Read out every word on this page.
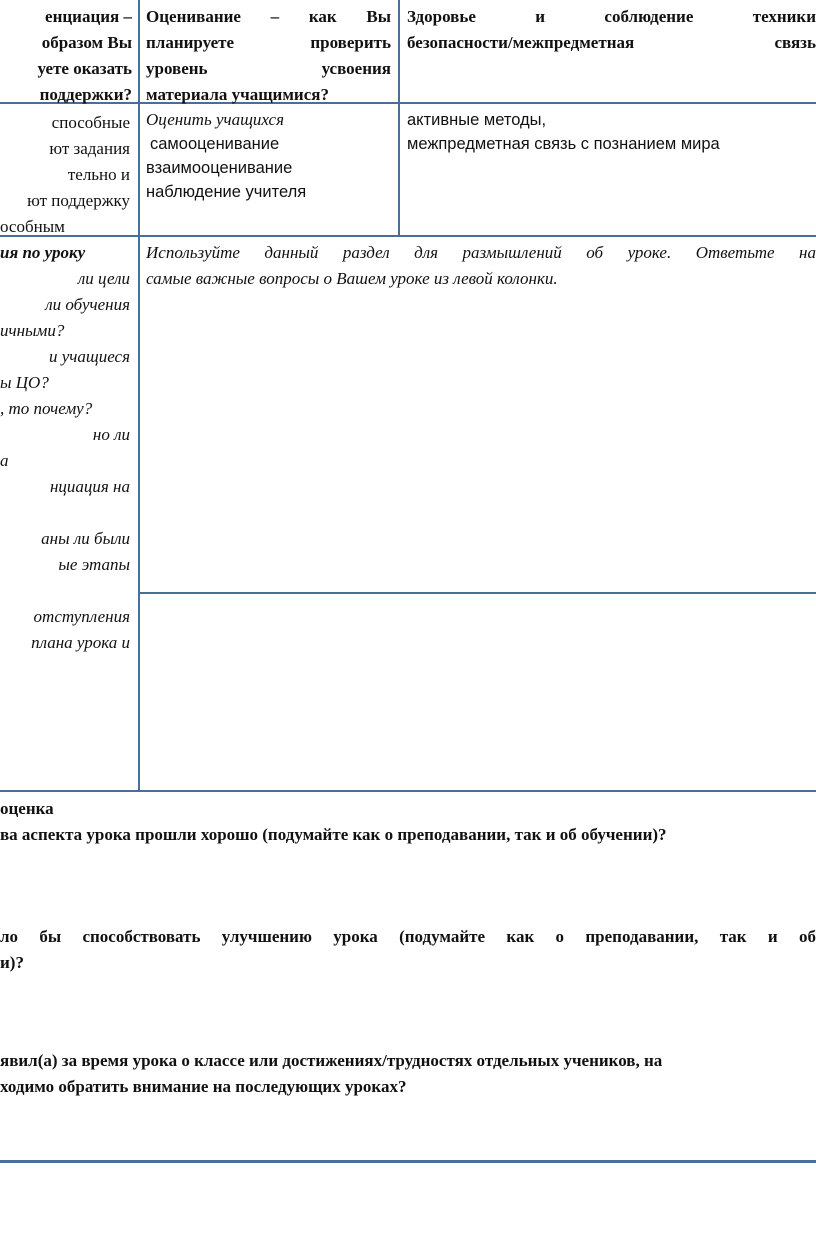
енциация –
образом Вы
уете оказать
поддержки?
Оценивание – как Вы
планируете проверить
уровень усвоения
материала учащимися?
Здоровье и соблюдение техники
безопасности/межпредметная связь
способные
ют задания
тельно и
ют поддержку
особным
Оценить учащихся
самооценивание
взаимооценивание
наблюдение учителя
активные методы,
межпредметная связь с познанием мира
ия по уроку
ли цели
ли обучения
ичными?
и учащиеся
ы ЦО?
, то почему?
но ли
а
нциация на

аны ли были
ые этапы

отступления
плана урока и
Используйте данный раздел для размышлений об уроке. Ответьте на
самые важные вопросы о Вашем уроке из левой колонки.
оценка
ва аспекта урока прошли хорошо (подумайте как о преподавании, так и об обучении)?
ло бы способствовать улучшению урока (подумайте как о преподавании, так и об
и)?
явил(а) за время урока о классе или достижениях/трудностях отдельных учеников, на
ходимо обратить внимание на последующих уроках?
